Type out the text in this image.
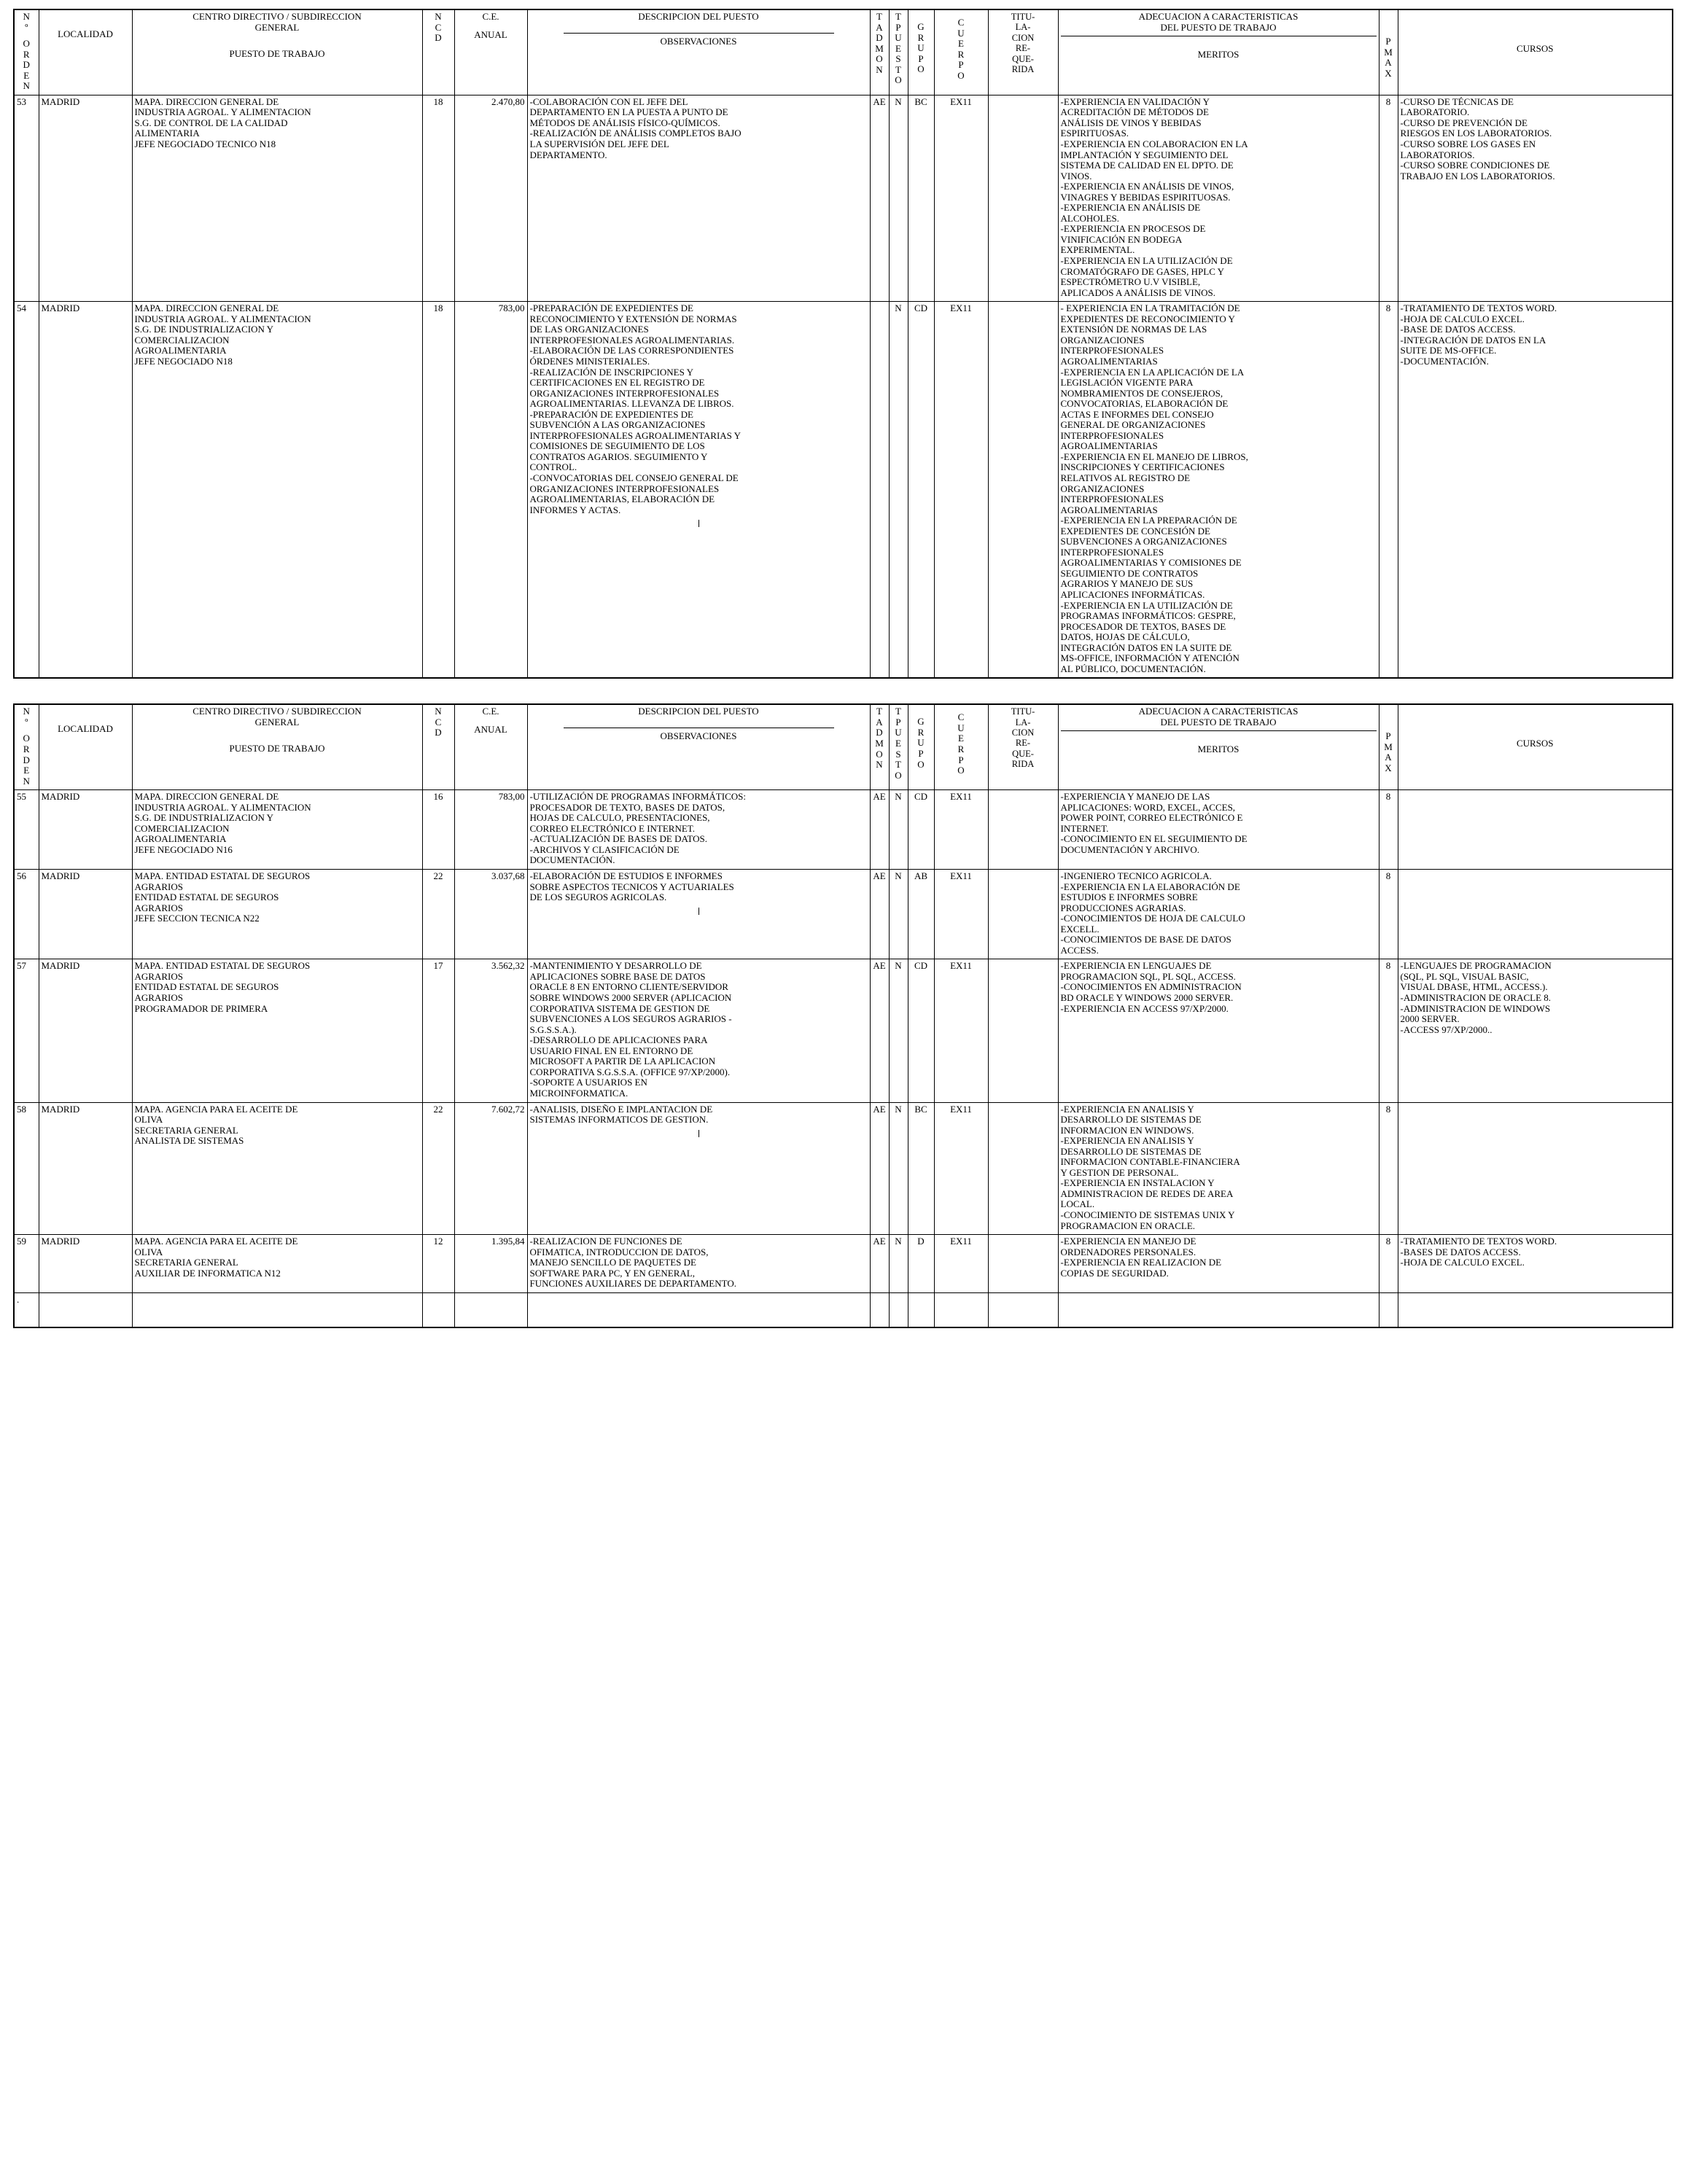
N
º
O
R
D
E
N

LOCALIDAD

CENTRO DIRECTIVO / SUBDIRECCION
GENERAL
PUESTO DE TRABAJO

N
C
D

C.E.
ANUAL

DESCRIPCION DEL PUESTO
OBSERVACIONES

T
A
D
M
O
N

T
P
U
E
S
T
O

G
R
U
P
O

C
U
E
R
P
O

TITU-
LA-
CION
RE-
QUE-
RIDA

ADECUACION A CARACTERISTICAS
DEL PUESTO DE TRABAJO
MERITOS

P
M
A
X

CURSOS

53	MADRID	MAPA. DIRECCION GENERAL DE
INDUSTRIA AGROAL. Y ALIMENTACION
S.G. DE CONTROL DE LA CALIDAD
ALIMENTARIA
JEFE NEGOCIADO TECNICO N18
	18	2.470,80	-COLABORACIÓN CON EL JEFE DEL
DEPARTAMENTO EN LA PUESTA A PUNTO DE
MÉTODOS DE ANÁLISIS FÍSICO-QUÍMICOS.
-REALIZACIÓN DE ANÁLISIS COMPLETOS BAJO
LA SUPERVISIÓN DEL JEFE DEL
DEPARTAMENTO.
	AE	N	BC	EX11		-EXPERIENCIA EN VALIDACIÓN Y
ACREDITACIÓN DE MÉTODOS DE
ANÁLISIS DE VINOS Y BEBIDAS
ESPIRITUOSAS.
-EXPERIENCIA EN COLABORACION EN LA
IMPLANTACIÓN Y SEGUIMIENTO DEL
SISTEMA DE CALIDAD EN EL DPTO. DE
VINOS.
-EXPERIENCIA EN ANÁLISIS DE VINOS,
VINAGRES Y BEBIDAS ESPIRITUOSAS.
-EXPERIENCIA EN ANÁLISIS DE
ALCOHOLES.
-EXPERIENCIA EN PROCESOS DE
VINIFICACIÓN EN BODEGA
EXPERIMENTAL.
-EXPERIENCIA EN LA UTILIZACIÓN DE
CROMATÓGRAFO DE GASES, HPLC Y
ESPECTRÓMETRO U.V VISIBLE,
APLICADOS A ANÁLISIS DE VINOS.
	8	-CURSO DE TÉCNICAS DE
LABORATORIO.
-CURSO DE PREVENCIÓN DE
RIESGOS EN LOS LABORATORIOS.
-CURSO SOBRE LOS GASES EN
LABORATORIOS.
-CURSO SOBRE CONDICIONES DE
TRABAJO EN LOS LABORATORIOS.

54	MADRID	MAPA. DIRECCION GENERAL DE
INDUSTRIA AGROAL. Y ALIMENTACION
S.G. DE INDUSTRIALIZACION Y
COMERCIALIZACION
AGROALIMENTARIA
JEFE NEGOCIADO N18
	18	783,00	-PREPARACIÓN DE EXPEDIENTES DE
RECONOCIMIENTO Y EXTENSIÓN DE NORMAS
DE LAS ORGANIZACIONES
INTERPROFESIONALES AGROALIMENTARIAS.
-ELABORACIÓN DE LAS CORRESPONDIENTES
ÓRDENES MINISTERIALES.
-REALIZACIÓN DE INSCRIPCIONES Y
CERTIFICACIONES EN EL REGISTRO DE
ORGANIZACIONES INTERPROFESIONALES
AGROALIMENTARIAS. LLEVANZA DE LIBROS.
-PREPARACIÓN DE EXPEDIENTES DE
SUBVENCIÓN A LAS ORGANIZACIONES
INTERPROFESIONALES AGROALIMENTARIAS Y
COMISIONES DE SEGUIMIENTO DE LOS
CONTRATOS AGARIOS. SEGUIMIENTO Y
CONTROL.
-CONVOCATORIAS DEL CONSEJO GENERAL DE
ORGANIZACIONES INTERPROFESIONALES
AGROALIMENTARIAS, ELABORACIÓN DE
INFORMES Y ACTAS.
		N	CD	EX11		- EXPERIENCIA EN LA TRAMITACIÓN DE
EXPEDIENTES DE RECONOCIMIENTO Y
EXTENSIÓN DE NORMAS DE LAS
ORGANIZACIONES
INTERPROFESIONALES
AGROALIMENTARIAS
-EXPERIENCIA EN LA APLICACIÓN DE LA
LEGISLACIÓN VIGENTE PARA
NOMBRAMIENTOS DE CONSEJEROS,
CONVOCATORIAS, ELABORACIÓN DE
ACTAS E INFORMES DEL CONSEJO
GENERAL DE ORGANIZACIONES
INTERPROFESIONALES
AGROALIMENTARIAS
-EXPERIENCIA EN EL MANEJO DE LIBROS,
INSCRIPCIONES Y CERTIFICACIONES
RELATIVOS AL REGISTRO DE
ORGANIZACIONES
INTERPROFESIONALES
AGROALIMENTARIAS
-EXPERIENCIA EN LA PREPARACIÓN DE
EXPEDIENTES DE CONCESIÓN DE
SUBVENCIONES A ORGANIZACIONES
INTERPROFESIONALES
AGROALIMENTARIAS Y COMISIONES DE
SEGUIMIENTO DE CONTRATOS
AGRARIOS Y MANEJO DE SUS
APLICACIONES INFORMÁTICAS.
-EXPERIENCIA EN LA UTILIZACIÓN DE
PROGRAMAS INFORMÁTICOS: GESPRE,
PROCESADOR DE TEXTOS, BASES DE
DATOS, HOJAS DE CÁLCULO,
INTEGRACIÓN DATOS EN LA SUITE DE
MS-OFFICE, INFORMACIÓN Y ATENCIÓN
AL PÚBLICO, DOCUMENTACIÓN.
	8	-TRATAMIENTO DE TEXTOS WORD.
-HOJA DE CALCULO EXCEL.
-BASE DE DATOS ACCESS.
-INTEGRACIÓN DE DATOS EN LA
SUITE DE MS-OFFICE.
-DOCUMENTACIÓN.
N
º
O
R
D
E
N

LOCALIDAD

CENTRO DIRECTIVO / SUBDIRECCION
GENERAL
PUESTO DE TRABAJO

N
C
D

C.E.
ANUAL

DESCRIPCION DEL PUESTO
OBSERVACIONES

T
A
D
M
O
N

T
P
U
E
S
T
O

G
R
U
P
O

C
U
E
R
P
O

TITU-
LA-
CION
RE-
QUE-
RIDA

ADECUACION A CARACTERISTICAS
DEL PUESTO DE TRABAJO
MERITOS

P
M
A
X

CURSOS

55	MADRID	MAPA. DIRECCION GENERAL DE
INDUSTRIA AGROAL. Y ALIMENTACION
S.G. DE INDUSTRIALIZACION Y
COMERCIALIZACION
AGROALIMENTARIA
JEFE NEGOCIADO N16
	16	783,00	-UTILIZACIÓN DE PROGRAMAS INFORMÁTICOS:
PROCESADOR DE TEXTO, BASES DE DATOS,
HOJAS DE CALCULO, PRESENTACIONES,
CORREO ELECTRÓNICO E INTERNET.
-ACTUALIZACIÓN DE BASES DE DATOS.
-ARCHIVOS Y CLASIFICACIÓN DE
DOCUMENTACIÓN.
	AE	N	CD	EX11		-EXPERIENCIA Y MANEJO DE LAS
APLICACIONES: WORD, EXCEL, ACCES,
POWER POINT, CORREO ELECTRÓNICO E
INTERNET.
-CONOCIMIENTO EN EL SEGUIMIENTO DE
DOCUMENTACIÓN Y ARCHIVO.
	8	
56	MADRID	MAPA. ENTIDAD ESTATAL DE SEGUROS
AGRARIOS
ENTIDAD ESTATAL DE SEGUROS
AGRARIOS
JEFE SECCION TECNICA N22
	22	3.037,68	-ELABORACIÓN DE ESTUDIOS E INFORMES
SOBRE ASPECTOS TECNICOS Y ACTUARIALES
DE LOS SEGUROS AGRICOLAS.
	AE	N	AB	EX11		-INGENIERO TECNICO AGRICOLA.
-EXPERIENCIA EN LA ELABORACIÓN DE
ESTUDIOS E INFORMES SOBRE
PRODUCCIONES AGRARIAS.
-CONOCIMIENTOS DE HOJA DE CALCULO
EXCELL.
-CONOCIMIENTOS DE BASE DE DATOS
ACCESS.
	8	
57	MADRID	MAPA. ENTIDAD ESTATAL DE SEGUROS
AGRARIOS
ENTIDAD ESTATAL DE SEGUROS
AGRARIOS
PROGRAMADOR DE PRIMERA
	17	3.562,32	-MANTENIMIENTO Y DESARROLLO DE
APLICACIONES SOBRE BASE DE DATOS
ORACLE 8 EN ENTORNO CLIENTE/SERVIDOR
SOBRE WINDOWS 2000 SERVER (APLICACION
CORPORATIVA SISTEMA DE GESTION DE
SUBVENCIONES A LOS SEGUROS AGRARIOS -
S.G.S.S.A.).
-DESARROLLO DE APLICACIONES PARA
USUARIO FINAL EN EL ENTORNO DE
MICROSOFT A PARTIR DE LA APLICACION
CORPORATIVA S.G.S.S.A. (OFFICE 97/XP/2000).
-SOPORTE A USUARIOS EN
MICROINFORMATICA.
	AE	N	CD	EX11		-EXPERIENCIA EN LENGUAJES DE
PROGRAMACION SQL, PL SQL, ACCESS.
-CONOCIMIENTOS EN ADMINISTRACION
BD ORACLE Y WINDOWS 2000 SERVER.
-EXPERIENCIA EN ACCESS 97/XP/2000.
	8	-LENGUAJES DE PROGRAMACION
(SQL, PL SQL, VISUAL BASIC,
VISUAL DBASE, HTML, ACCESS.).
-ADMINISTRACION DE ORACLE 8.
-ADMINISTRACION DE WINDOWS
2000 SERVER.
-ACCESS 97/XP/2000..

58	MADRID	MAPA. AGENCIA PARA EL ACEITE DE
OLIVA
SECRETARIA GENERAL
ANALISTA DE SISTEMAS
	22	7.602,72	-ANALISIS, DISEÑO E IMPLANTACION DE
SISTEMAS INFORMATICOS DE GESTION.
	AE	N	BC	EX11		-EXPERIENCIA EN ANALISIS Y
DESARROLLO DE SISTEMAS DE
INFORMACION EN WINDOWS.
-EXPERIENCIA EN ANALISIS Y
DESARROLLO DE SISTEMAS DE
INFORMACION CONTABLE-FINANCIERA
Y GESTION DE PERSONAL.
-EXPERIENCIA EN INSTALACION Y
ADMINISTRACION DE REDES DE AREA
LOCAL.
-CONOCIMIENTO DE SISTEMAS UNIX Y
PROGRAMACION EN ORACLE.
	8	
59	MADRID	MAPA. AGENCIA PARA EL ACEITE DE
OLIVA
SECRETARIA GENERAL
AUXILIAR DE INFORMATICA N12	12	1.395,84	-REALIZACION DE FUNCIONES DE
OFIMATICA, INTRODUCCION DE DATOS,
MANEJO SENCILLO DE PAQUETES DE
SOFTWARE PARA PC, Y EN GENERAL,
FUNCIONES AUXILIARES DE DEPARTAMENTO.	AE	N	D	EX11		-EXPERIENCIA EN MANEJO DE
ORDENADORES PERSONALES.
-EXPERIENCIA EN REALIZACION DE
COPIAS DE SEGURIDAD.	8	-TRATAMIENTO DE TEXTOS WORD.
-BASES DE DATOS ACCESS.
-HOJA DE CALCULO EXCEL.

.													
